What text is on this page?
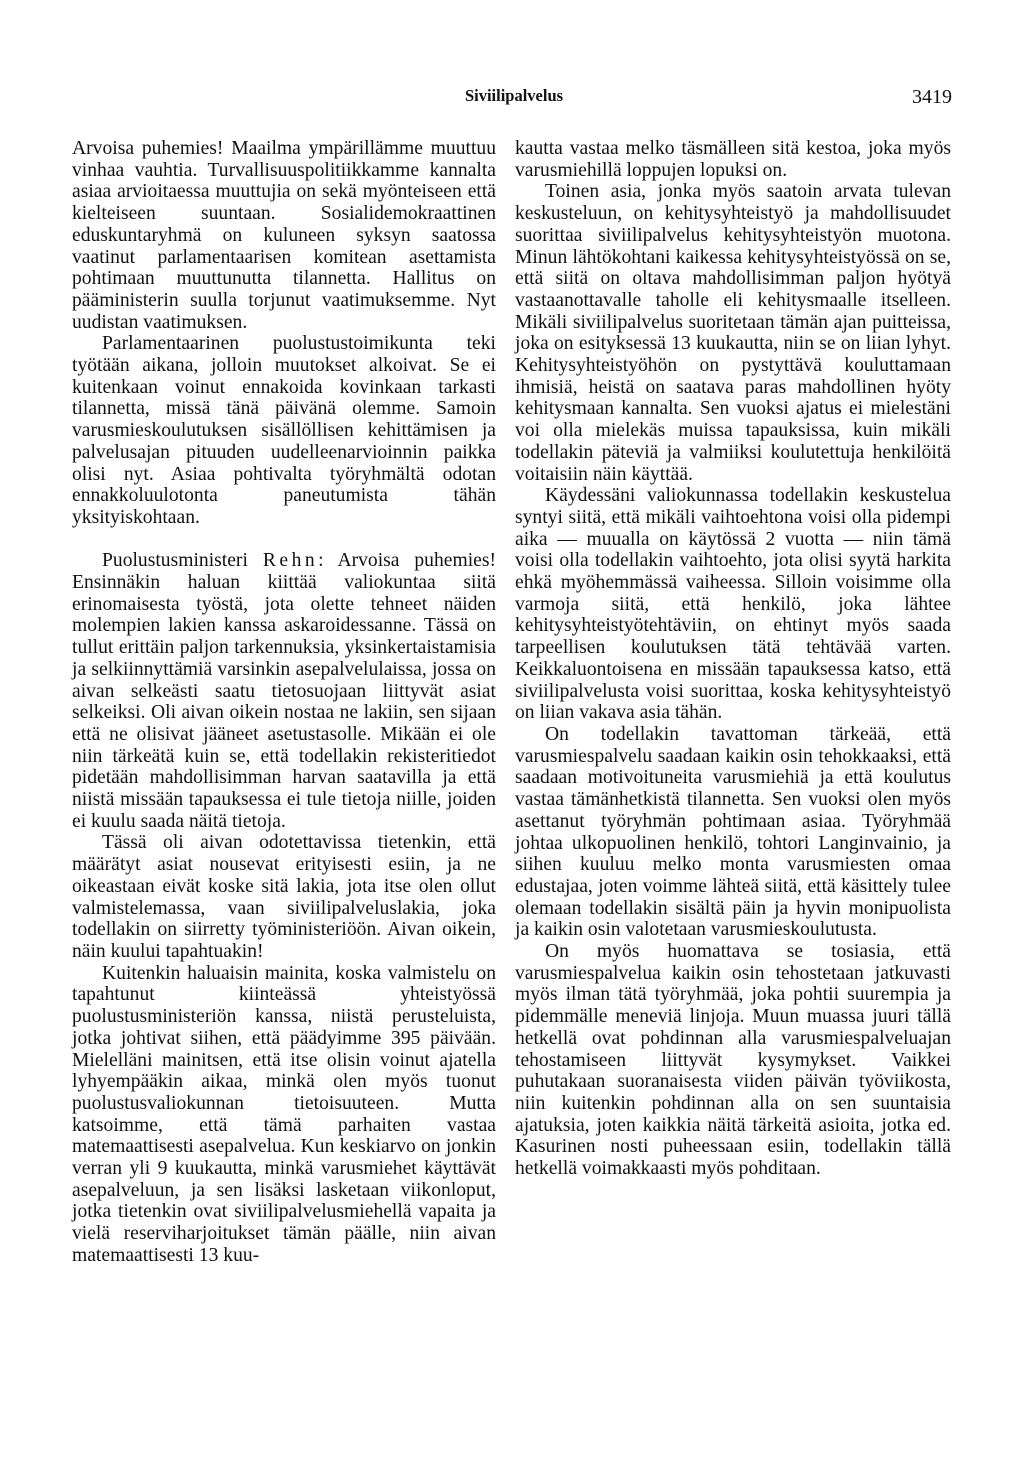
Siviilipalvelus	3419

Arvoisa puhemies! Maailma ympärillämme muuttuu vinhaa vauhtia. Turvallisuuspolitiikkamme kannalta asiaa arvioitaessa muuttujia on sekä myönteiseen että kielteiseen suuntaan. Sosialidemokraattinen eduskuntaryhmä on kuluneen syksyn saatossa vaatinut parlamentaarisen komitean asettamista pohtimaan muuttunutta tilannetta. Hallitus on pääministerin suulla torjunut vaatimuksemme. Nyt uudistan vaatimuksen.

Parlamentaarinen puolustustoimikunta teki työtään aikana, jolloin muutokset alkoivat. Se ei kuitenkaan voinut ennakoida kovinkaan tarkasti tilannetta, missä tänä päivänä olemme. Samoin varusmieskoulutuksen sisällöllisen kehittämisen ja palvelusajan pituuden uudelleenarvioinnin paikka olisi nyt. Asiaa pohtivalta työryhmältä odotan ennakkoluulotonta paneutumista tähän yksityiskohtaan.

Puolustusministeri Rehn: Arvoisa puhemies! Ensinnäkin haluan kiittää valiokuntaa siitä erinomaisesta työstä, jota olette tehneet näiden molempien lakien kanssa askaroidessanne. Tässä on tullut erittäin paljon tarkennuksia, yksinkertaistamisia ja selkiinnyttämiä varsinkin asepalvelulaissa, jossa on aivan selkeästi saatu tietosuojaan liittyvät asiat selkeiksi. Oli aivan oikein nostaa ne lakiin, sen sijaan että ne olisivat jääneet asetustasolle. Mikään ei ole niin tärkeätä kuin se, että todellakin rekisteritiedot pidetään mahdollisimman harvan saatavilla ja että niistä missään tapauksessa ei tule tietoja niille, joiden ei kuulu saada näitä tietoja.

Tässä oli aivan odotettavissa tietenkin, että määrätyt asiat nousevat erityisesti esiin, ja ne oikeastaan eivät koske sitä lakia, jota itse olen ollut valmistelemassa, vaan siviilipalveluslakia, joka todellakin on siirretty työministeriöön. Aivan oikein, näin kuului tapahtuakin!

Kuitenkin haluaisin mainita, koska valmistelu on tapahtunut kiinteässä yhteistyössä puolustusministeriön kanssa, niistä perusteluista, jotka johtivat siihen, että päädyimme 395 päivään. Mielelläni mainitsen, että itse olisin voinut ajatella lyhyempääkin aikaa, minkä olen myös tuonut puolustusvaliokunnan tietoisuuteen. Mutta katsoimme, että tämä parhaiten vastaa matemaattisesti asepalvelua. Kun keskiarvo on jonkin verran yli 9 kuukautta, minkä varusmiehet käyttävät asepalveluun, ja sen lisäksi lasketaan viikonloput, jotka tietenkin ovat siviilipalvelusmiehellä vapaita ja vielä reserviharjoitukset tämän päälle, niin aivan matemaattisesti 13 kuu-

kautta vastaa melko täsmälleen sitä kestoa, joka myös varusmiehillä loppujen lopuksi on.

Toinen asia, jonka myös saatoin arvata tulevan keskusteluun, on kehitysyhteistyö ja mahdollisuudet suorittaa siviilipalvelus kehitysyhteistyön muotona. Minun lähtökohtani kaikessa kehitysyhteistyössä on se, että siitä on oltava mahdollisimman paljon hyötyä vastaanottavalle taholle eli kehitysmaalle itselleen. Mikäli siviilipalvelus suoritetaan tämän ajan puitteissa, joka on esityksessä 13 kuukautta, niin se on liian lyhyt. Kehitysyhteistyöhön on pystyttävä kouluttamaan ihmisiä, heistä on saatava paras mahdollinen hyöty kehitysmaan kannalta. Sen vuoksi ajatus ei mielestäni voi olla mielekäs muissa tapauksissa, kuin mikäli todellakin päteviä ja valmiiksi koulutettuja henkilöitä voitaisiin näin käyttää.

Käydessäni valiokunnassa todellakin keskustelua syntyi siitä, että mikäli vaihtoehtona voisi olla pidempi aika — muualla on käytössä 2 vuotta — niin tämä voisi olla todellakin vaihtoehto, jota olisi syytä harkita ehkä myöhemmässä vaiheessa. Silloin voisimme olla varmoja siitä, että henkilö, joka lähtee kehitysyhteistyötehtäviin, on ehtinyt myös saada tarpeellisen koulutuksen tätä tehtävää varten. Keikkaluontoisena en missään tapauksessa katso, että siviilipalvelusta voisi suorittaa, koska kehitysyhteistyö on liian vakava asia tähän.

On todellakin tavattoman tärkeää, että varusmiespalvelu saadaan kaikin osin tehokkaaksi, että saadaan motivoituneita varusmiehiä ja että koulutus vastaa tämänhetkistä tilannetta. Sen vuoksi olen myös asettanut työryhmän pohtimaan asiaa. Työryhmää johtaa ulkopuolinen henkilö, tohtori Langinvainio, ja siihen kuuluu melko monta varusmiesten omaa edustajaa, joten voimme lähteä siitä, että käsittely tulee olemaan todellakin sisältä päin ja hyvin monipuolista ja kaikin osin valotetaan varusmieskoulutusta.

On myös huomattava se tosiasia, että varusmiespalvelua kaikin osin tehostetaan jatkuvasti myös ilman tätä työryhmää, joka pohtii suurempia ja pidemmälle meneviä linjoja. Muun muassa juuri tällä hetkellä ovat pohdinnan alla varusmiespalveluajan tehostamiseen liittyvät kysymykset. Vaikkei puhutakaan suoranaisesta viiden päivän työviikosta, niin kuitenkin pohdinnan alla on sen suuntaisia ajatuksia, joten kaikkia näitä tärkeitä asioita, jotka ed. Kasurinen nosti puheessaan esiin, todellakin tällä hetkellä voimakkaasti myös pohditaan.
